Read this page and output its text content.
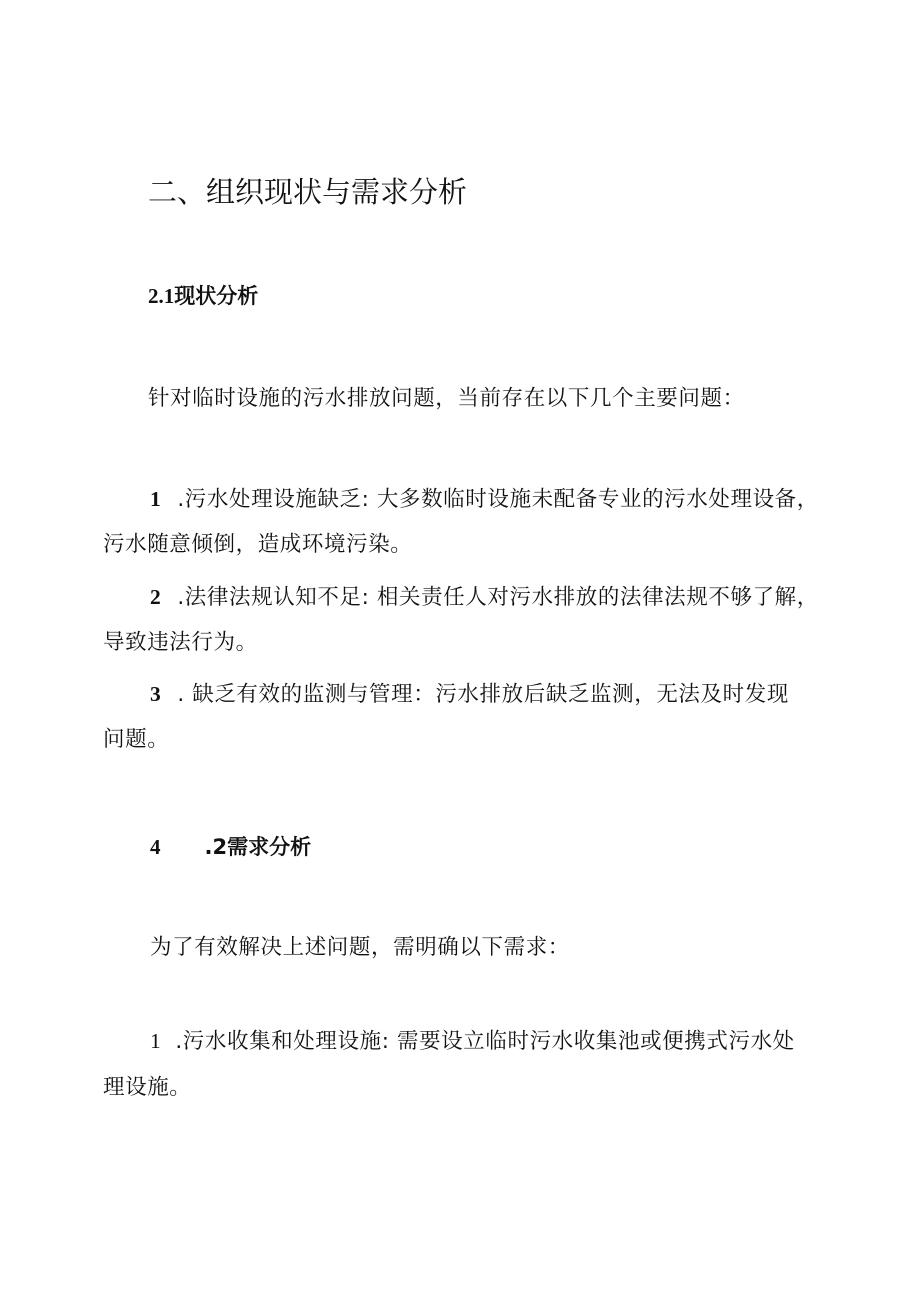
二、组织现状与需求分析
2.1现状分析

针对临时设施的污水排放问题，当前存在以下几个主要问题：

1 .污水处理设施缺乏: 大多数临时设施未配备专业的污水处理设备，

污水随意倾倒，造成环境污染。

2 .法律法规认知不足: 相关责任人对污水排放的法律法规不够了解，

导致违法行为。

3 . 缺乏有效的监测与管理：污水排放后缺乏监测，无法及时发现

问题。

4 .2需求分析

为了有效解决上述问题，需明确以下需求：

1 .污水收集和处理设施: 需要设立临时污水收集池或便携式污水处

理设施。
